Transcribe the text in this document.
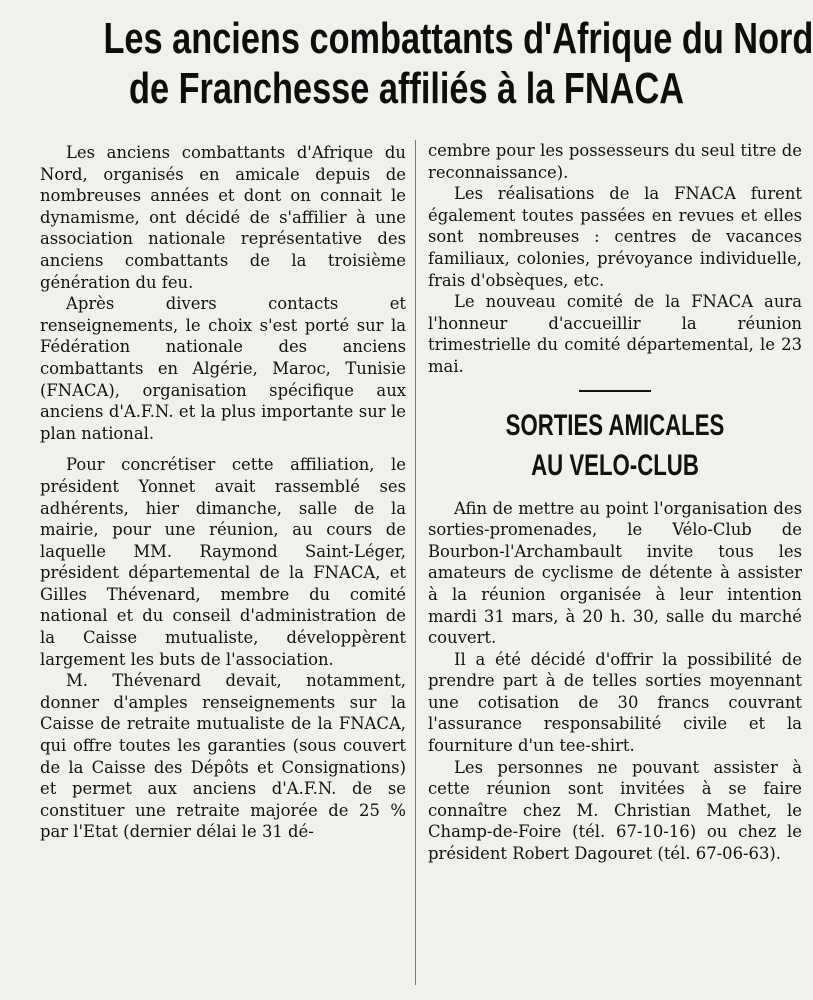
Les anciens combattants d'Afrique du Nord
de Franchesse affiliés à la FNACA

Les anciens combattants d'Afrique du Nord, organisés en amicale depuis de nombreuses années et dont on connait le dynamisme, ont décidé de s'affilier à une association nationale représentative des anciens combattants de la troisième génération du feu.

Après divers contacts et renseignements, le choix s'est porté sur la Fédération nationale des anciens combattants en Algérie, Maroc, Tunisie (FNACA), organisation spécifique aux anciens d'A.F.N. et la plus importante sur le plan national.

Pour concrétiser cette affiliation, le président Yonnet avait rassemblé ses adhérents, hier dimanche, salle de la mairie, pour une réunion, au cours de laquelle MM. Raymond Saint-Léger, président départemental de la FNACA, et Gilles Thévenard, membre du comité national et du conseil d'administration de la Caisse mutualiste, développèrent largement les buts de l'association.

M. Thévenard devait, notamment, donner d'amples renseignements sur la Caisse de retraite mutualiste de la FNACA, qui offre toutes les garanties (sous couvert de la Caisse des Dépôts et Consignations) et permet aux anciens d'A.F.N. de se constituer une retraite majorée de 25 % par l'Etat (dernier délai le 31 dé-

cembre pour les possesseurs du seul titre de reconnaissance).

Les réalisations de la FNACA furent également toutes passées en revues et elles sont nombreuses : centres de vacances familiaux, colonies, prévoyance individuelle, frais d'obsèques, etc.

Le nouveau comité de la FNACA aura l'honneur d'accueillir la réunion trimestrielle du comité départemental, le 23 mai.

SORTIES AMICALES
AU VELO-CLUB

Afin de mettre au point l'organisation des sorties-promenades, le Vélo-Club de Bourbon-l'Archambault invite tous les amateurs de cyclisme de détente à assister à la réunion organisée à leur intention mardi 31 mars, à 20 h. 30, salle du marché couvert.

Il a été décidé d'offrir la possibilité de prendre part à de telles sorties moyennant une cotisation de 30 francs couvrant l'assurance responsabilité civile et la fourniture d'un tee-shirt.

Les personnes ne pouvant assister à cette réunion sont invitées à se faire connaître chez M. Christian Mathet, le Champ-de-Foire (tél. 67-10-16) ou chez le président Robert Dagouret (tél. 67-06-63).
